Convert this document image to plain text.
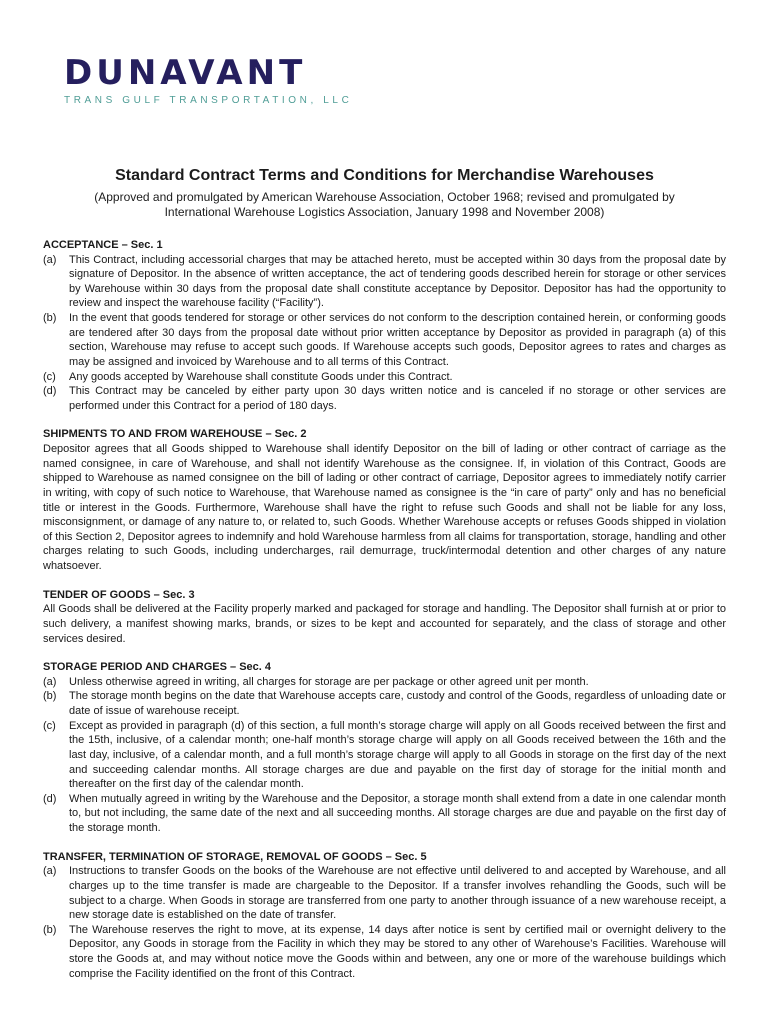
DUNAVANT
TRANS GULF TRANSPORTATION, LLC
Standard Contract Terms and Conditions for Merchandise Warehouses
(Approved and promulgated by American Warehouse Association, October 1968; revised and promulgated by
International Warehouse Logistics Association, January 1998 and November 2008)
ACCEPTANCE – Sec. 1
(a)	This Contract, including accessorial charges that may be attached hereto, must be accepted within 30 days from the proposal date by signature of Depositor. In the absence of written acceptance, the act of tendering goods described herein for storage or other services by Warehouse within 30 days from the proposal date shall constitute acceptance by Depositor. Depositor has had the opportunity to review and inspect the warehouse facility (“Facility”).
(b)	In the event that goods tendered for storage or other services do not conform to the description contained herein, or conforming goods are tendered after 30 days from the proposal date without prior written acceptance by Depositor as provided in paragraph (a) of this section, Warehouse may refuse to accept such goods. If Warehouse accepts such goods, Depositor agrees to rates and charges as may be assigned and invoiced by Warehouse and to all terms of this Contract.
(c)	Any goods accepted by Warehouse shall constitute Goods under this Contract.
(d)	This Contract may be canceled by either party upon 30 days written notice and is canceled if no storage or other services are performed under this Contract for a period of 180 days.
SHIPMENTS TO AND FROM WAREHOUSE – Sec. 2

Depositor agrees that all Goods shipped to Warehouse shall identify Depositor on the bill of lading or other contract of carriage as the named consignee, in care of Warehouse, and shall not identify Warehouse as the consignee. If, in violation of this Contract, Goods are shipped to Warehouse as named consignee on the bill of lading or other contract of carriage, Depositor agrees to immediately notify carrier in writing, with copy of such notice to Warehouse, that Warehouse named as consignee is the “in care of party” only and has no beneficial title or interest in the Goods. Furthermore, Warehouse shall have the right to refuse such Goods and shall not be liable for any loss, misconsignment, or damage of any nature to, or related to, such Goods. Whether Warehouse accepts or refuses Goods shipped in violation of this Section 2, Depositor agrees to indemnify and hold Warehouse harmless from all claims for transportation, storage, handling and other charges relating to such Goods, including undercharges, rail demurrage, truck/intermodal detention and other charges of any nature whatsoever.

TENDER OF GOODS – Sec. 3

All Goods shall be delivered at the Facility properly marked and packaged for storage and handling. The Depositor shall furnish at or prior to such delivery, a manifest showing marks, brands, or sizes to be kept and accounted for separately, and the class of storage and other services desired.

STORAGE PERIOD AND CHARGES – Sec. 4
(a)	Unless otherwise agreed in writing, all charges for storage are per package or other agreed unit per month.
(b)	The storage month begins on the date that Warehouse accepts care, custody and control of the Goods, regardless of unloading date or date of issue of warehouse receipt.
(c)	Except as provided in paragraph (d) of this section, a full month’s storage charge will apply on all Goods received between the first and the 15th, inclusive, of a calendar month; one-half month’s storage charge will apply on all Goods received between the 16th and the last day, inclusive, of a calendar month, and a full month’s storage charge will apply to all Goods in storage on the first day of the next and succeeding calendar months. All storage charges are due and payable on the first day of storage for the initial month and thereafter on the first day of the calendar month.
(d)	When mutually agreed in writing by the Warehouse and the Depositor, a storage month shall extend from a date in one calendar month to, but not including, the same date of the next and all succeeding months. All storage charges are due and payable on the first day of the storage month.
TRANSFER, TERMINATION OF STORAGE, REMOVAL OF GOODS – Sec. 5
(a)	Instructions to transfer Goods on the books of the Warehouse are not effective until delivered to and accepted by Warehouse, and all charges up to the time transfer is made are chargeable to the Depositor. If a transfer involves rehandling the Goods, such will be subject to a charge. When Goods in storage are transferred from one party to another through issuance of a new warehouse receipt, a new storage date is established on the date of transfer.
(b)	The Warehouse reserves the right to move, at its expense, 14 days after notice is sent by certified mail or overnight delivery to the Depositor, any Goods in storage from the Facility in which they may be stored to any other of Warehouse’s Facilities. Warehouse will store the Goods at, and may without notice move the Goods within and between, any one or more of the warehouse buildings which comprise the Facility identified on the front of this Contract.
